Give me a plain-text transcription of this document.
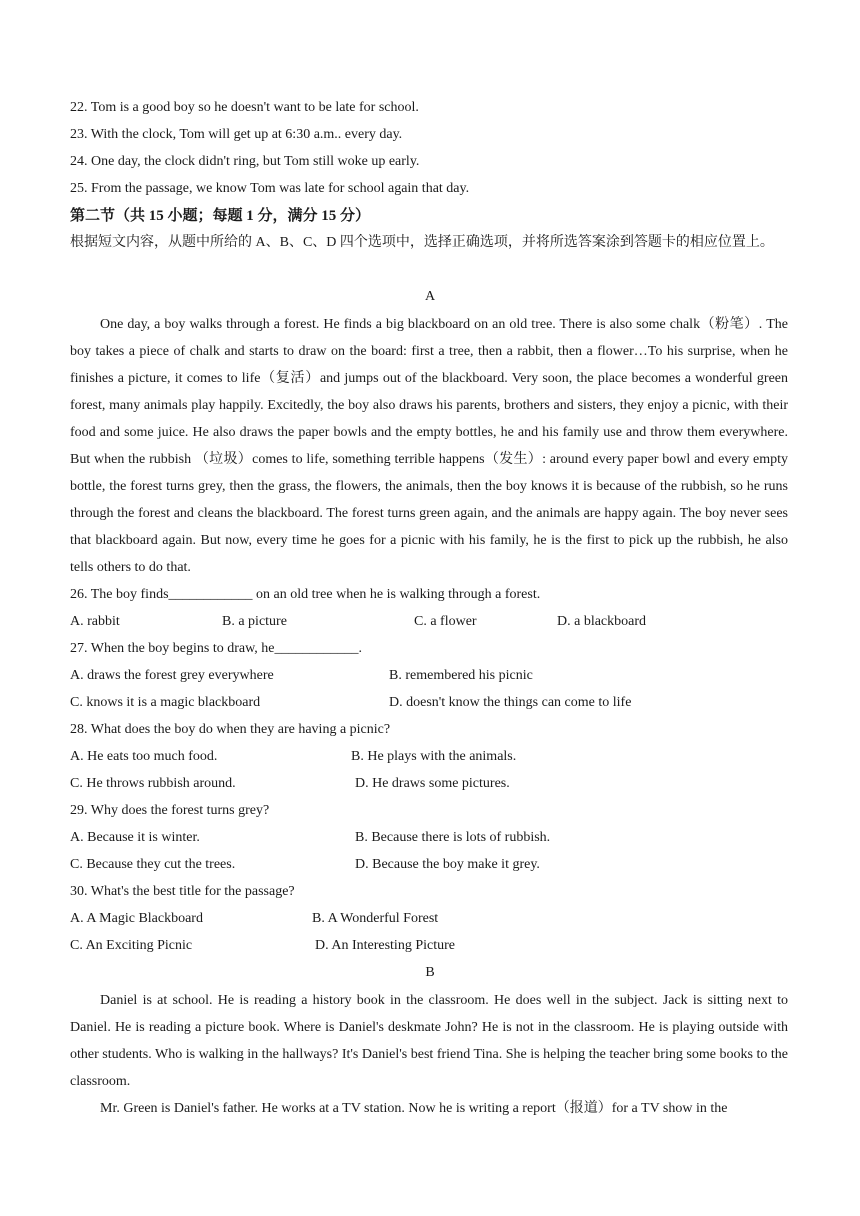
22. Tom is a good boy so he doesn't want to be late for school.
23. With the clock, Tom will get up at 6:30 a.m.. every day.
24. One day, the clock didn't ring, but Tom still woke up early.
25. From the passage, we know Tom was late for school again that day.
第二节（共 15 小题；每题 1 分，满分 15 分）
根据短文内容，从题中所给的 A、B、C、D 四个选项中，选择正确选项，并将所选答案涂到答题卡的相应位置上。
A
One day, a boy walks through a forest. He finds a big blackboard on an old tree. There is also some chalk（粉笔）. The boy takes a piece of chalk and starts to draw on the board: first a tree, then a rabbit, then a flower…To his surprise, when he finishes a picture, it comes to life（复活）and jumps out of the blackboard. Very soon, the place becomes a wonderful green forest, many animals play happily. Excitedly, the boy also draws his parents, brothers and sisters, they enjoy a picnic, with their food and some juice. He also draws the paper bowls and the empty bottles, he and his family use and throw them everywhere. But when the rubbish （垃圾）comes to life, something terrible happens（发生）: around every paper bowl and every empty bottle, the forest turns grey, then the grass, the flowers, the animals, then the boy knows it is because of the rubbish, so he runs through the forest and cleans the blackboard. The forest turns green again, and the animals are happy again. The boy never sees that blackboard again. But now, every time he goes for a picnic with his family, he is the first to pick up the rubbish, he also tells others to do that.
26. The boy finds____________ on an old tree when he is walking through a forest.
A. rabbit	B. a picture	C. a flower	D. a blackboard
27. When the boy begins to draw, he____________.
A. draws the forest grey everywhere	B. remembered his picnic
C. knows it is a magic blackboard	D. doesn't know the things can come to life
28. What does the boy do when they are having a picnic?
A. He eats too much food.	B. He plays with the animals.
C. He throws rubbish around.	D. He draws some pictures.
29. Why does the forest turns grey?
A. Because it is winter.	B. Because there is lots of rubbish.
C. Because they cut the trees.	D. Because the boy make it grey.
30. What's the best title for the passage?
A. A Magic Blackboard	B. A Wonderful Forest
C. An Exciting Picnic	D. An Interesting Picture
B
Daniel is at school. He is reading a history book in the classroom. He does well in the subject. Jack is sitting next to Daniel. He is reading a picture book. Where is Daniel's deskmate John? He is not in the classroom. He is playing outside with other students. Who is walking in the hallways? It's Daniel's best friend Tina. She is helping the teacher bring some books to the classroom.
Mr. Green is Daniel's father. He works at a TV station. Now he is writing a report（报道）for a TV show in the
